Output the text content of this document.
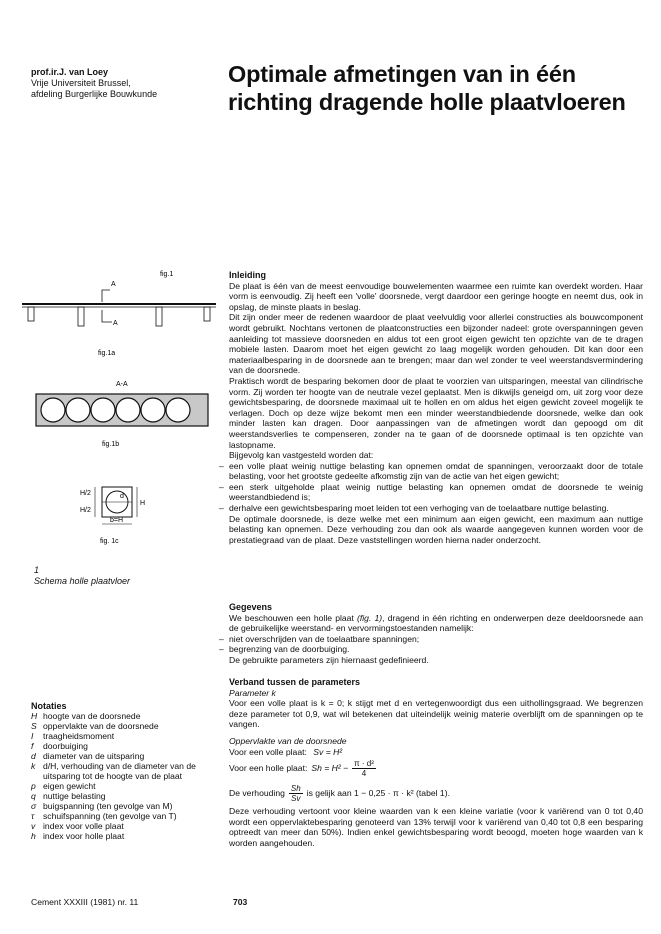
prof.ir.J. van Loey
Vrije Universiteit Brussel,
afdeling Burgerlijke Bouwkunde
Optimale afmetingen van in één richting dragende holle plaatvloeren
fig.1
A
A
fig.1a
A-A
fig.1b
H/2
H/2
d
H
b=H
fig. 1c
1
Schema holle plaatvloer
Notaties
H hoogte van de doorsnede
S oppervlakte van de doorsnede
I	traagheidsmoment
f	doorbuiging
d diameter van de uitsparing
k d/H, verhouding van de diameter van de uitsparing tot de hoogte van de plaat
p eigen gewicht
q nuttige belasting
σ buigspanning (ten gevolge van M)
τ	schuifspanning (ten gevolge van T)
v index voor volle plaat
h index voor holle plaat
Inleiding

De plaat is één van de meest eenvoudige bouwelementen waarmee een ruimte kan overdekt worden. Haar vorm is eenvoudig. Zij heeft een 'volle' doorsnede, vergt daardoor een geringe hoogte en neemt dus, ook in opslag, de minste plaats in beslag.

Dit zijn onder meer de redenen waardoor de plaat veelvuldig voor allerlei constructies als bouwcomponent wordt gebruikt. Nochtans vertonen de plaatconstructies een bijzonder nadeel: grote overspanningen geven aanleiding tot massieve doorsneden en aldus tot een groot eigen gewicht ten opzichte van de te dragen mobiele lasten. Daarom moet het eigen gewicht zo laag mogelijk worden gehouden. Dit kan door een materiaalbesparing in de doorsnede aan te brengen; maar dan wel zonder te veel weerstandsvermindering van de doorsnede.

Praktisch wordt de besparing bekomen door de plaat te voorzien van uitsparingen, meestal van cilindrische vorm. Zij worden ter hoogte van de neutrale vezel geplaatst. Men is dikwijls geneigd om, uit zorg voor deze gewichtsbesparing, de doorsnede maximaal uit te hollen en om aldus het eigen gewicht zoveel mogelijk te verlagen. Doch op deze wijze bekomt men een minder weerstandbiedende doorsnede, welke dan ook minder lasten kan dragen. Door aanpassingen van de afmetingen wordt dan gepoogd om dit weerstandsverlies te compenseren, zonder na te gaan of de doorsnede optimaal is ten opzichte van lastopname.

Bijgevolg kan vastgesteld worden dat:

– een volle plaat weinig nuttige belasting kan opnemen omdat de spanningen, veroorzaakt door de totale belasting, voor het grootste gedeelte afkomstig zijn van de actie van het eigen gewicht;
– een sterk uitgeholde plaat weinig nuttige belasting kan opnemen omdat de doorsnede te weinig weerstandbiedend is;
– derhalve een gewichtsbesparing moet leiden tot een verhoging van de toelaatbare nuttige belasting.

De optimale doorsnede, is deze welke met een minimum aan eigen gewicht, een maximum aan nuttige belasting kan opnemen. Deze verhouding zou dan ook als waarde aangegeven kunnen worden voor de prestatiegraad van de plaat. Deze vaststellingen worden hierna nader onderzocht.

Gegevens

We beschouwen een holle plaat (fig. 1), dragend in één richting en onderwerpen deze deeldoorsnede aan de gebruikelijke weerstand- en vervormingstoestanden namelijk:

– niet overschrijden van de toelaatbare spanningen;
– begrenzing van de doorbuiging.

De gebruikte parameters zijn hiernaast gedefinieerd.

Verband tussen de parameters
Parameter k

Voor een volle plaat is k = 0; k stijgt met d en vertegenwoordigt dus een uithollingsgraad. We begrenzen deze parameter tot 0,9, wat wil betekenen dat uiteindelijk weinig materie overblijft om de spanningen op te vangen.

Oppervlakte van de doorsnede
Voor een volle plaat: Sv = H²
Voor een holle plaat: $Sh = H^2 - \frac{\text{π · d²}}{4}$
De verhouding $\frac{Sh}{Sv}$ is gelijk aan 1 − 0,25 · π · k² (tabel 1).

Deze verhouding vertoont voor kleine waarden van k een kleine variatie (voor k variërend van 0 tot 0,40 wordt een oppervlaktebesparing genoteerd van 13% terwijl voor k variërend van 0,40 tot 0,8 een besparing optreedt van meer dan 50%). Indien enkel gewichtsbesparing wordt beoogd, moeten hoge waarden van k worden aangehouden.

Cement XXXIII (1981) nr. 11	703
